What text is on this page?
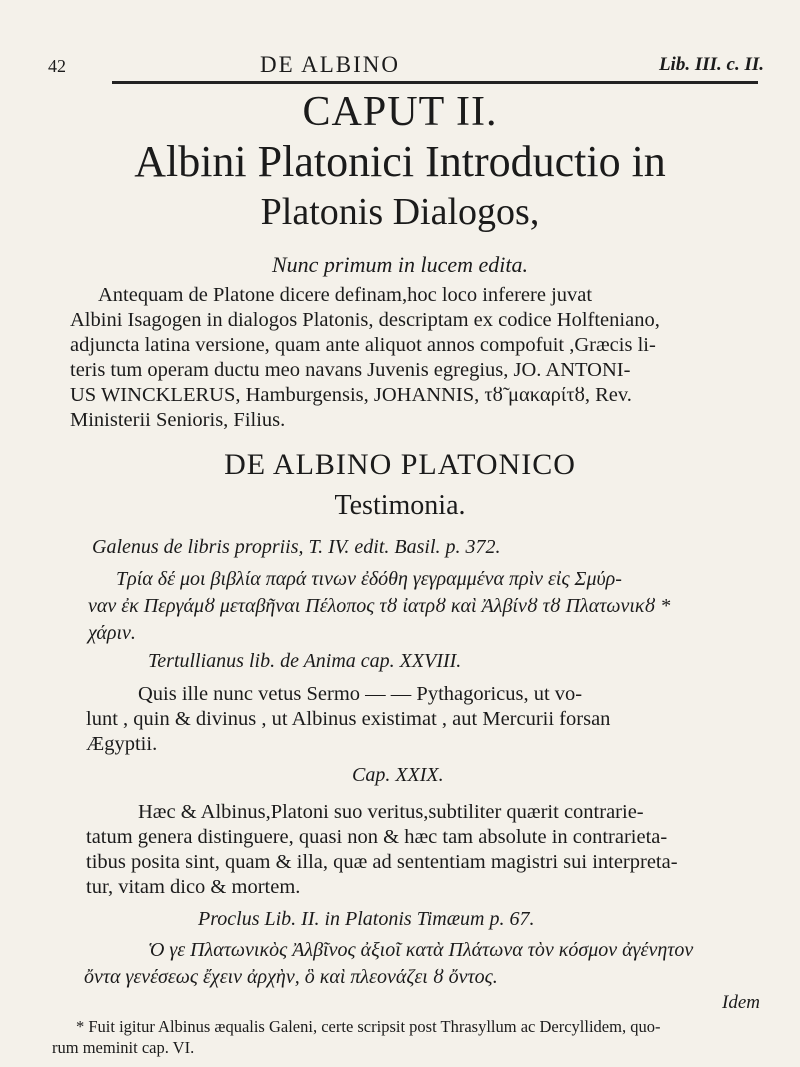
42	DE ALBINO	Lib. III. c. II.
CAPUT II.
Albini Platonici Introductio in
Platonis Dialogos,
Nunc primum in lucem edita.
Antequam de Platone dicere definam,hoc loco inferere juvat
Albini Isagogen in dialogos Platonis, descriptam ex codice Holfteniano,
adjuncta latina versione, quam ante aliquot annos compofuit ,Græcis li-
teris tum operam ductu meo navans Juvenis egregius, JO. ANTONI-
US WINCKLERUS, Hamburgensis, JOHANNIS, τȣ̃ μακαρίτȣ, Rev.
Ministerii Senioris, Filius.
DE ALBINO PLATONICO
Testimonia.
Galenus de libris propriis, T. IV. edit. Basil. p. 372.
Τρία δέ μοι βιβλία παρά τινων ἐδόθη γεγραμμένα πρὶν εἰς Σμύρ-
ναν ἐκ Περγάμȣ μεταβῆναι Πέλοπος τȣ ἰατρȣ καὶ Ἀλβίνȣ τȣ Πλατωνικȣ *
χάριν.
Tertullianus lib. de Anima cap. XXVIII.
Quis ille nunc vetus Sermo — — Pythagoricus, ut vo-
lunt , quin & divinus , ut Albinus existimat , aut Mercurii forsan
Ægyptii.
Cap. XXIX.
Hæc & Albinus,Platoni suo veritus,subtiliter quærit contrarie-
tatum genera distinguere, quasi non & hæc tam absolute in contrarieta-
tibus posita sint, quam & illa, quæ ad sententiam magistri sui interpreta-
tur, vitam dico & mortem.
Proclus Lib. II. in Platonis Timæum p. 67.
Ὁ γε Πλατωνικὸς Ἀλβῖνος ἀξιοῖ κατὰ Πλάτωνα τὸν κόσμον ἀγένητον
ὄντα γενέσεως ἔχειν ἀρχὴν, ὃ καὶ πλεονάζει ȣ ὄντος.
Idem
* Fuit igitur Albinus æqualis Galeni, certe scripsit post Thrasyllum ac Dercyllidem, quo-
rum meminit cap. VI.
